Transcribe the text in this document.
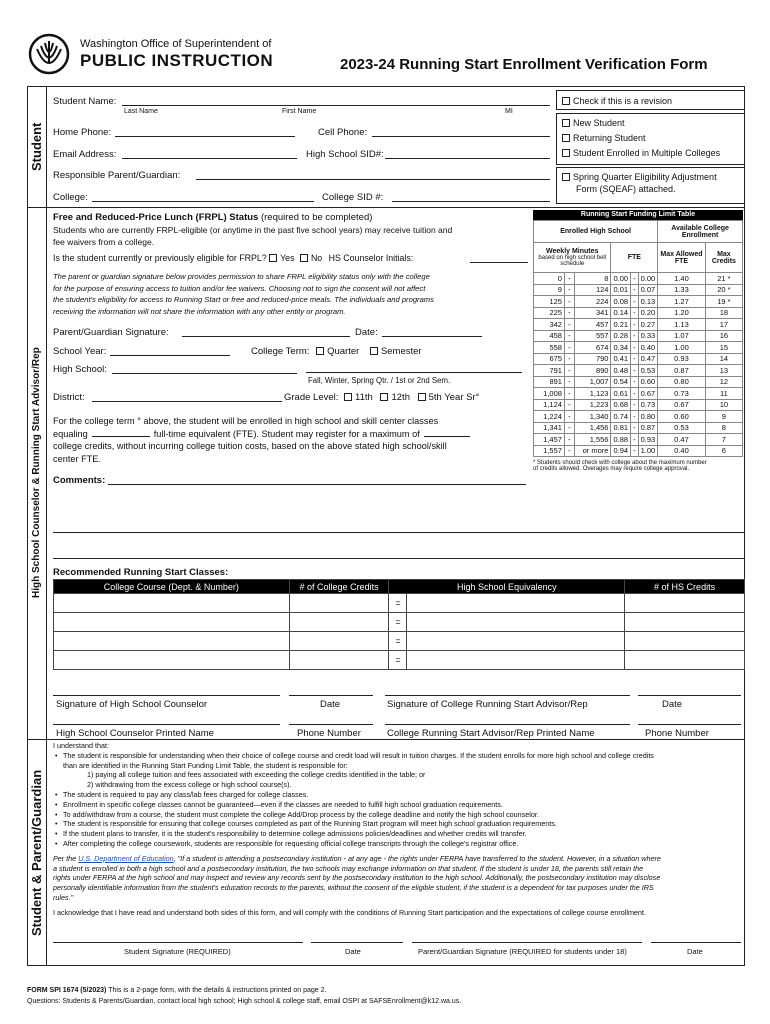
Washington Office of Superintendent of
PUBLIC INSTRUCTION	2023-24 Running Start Enrollment Verification Form
Student
High School Counselor & Running Start Advisor/Rep
Student & Parent/Guardian
Student Name:
Last Name	First Name	MI
Home Phone:	Cell Phone:
Email Address:	High School SID#:
Responsible Parent/Guardian:
College:	College SID #:
Check if this is a revision
New Student
Returning Student
Student Enrolled in Multiple Colleges
Spring Quarter Eligibility Adjustment
Form (SQEAF) attached.
Free and Reduced-Price Lunch (FRPL) Status (required to be completed)
Students who are currently FRPL-eligible (or anytime in the past five school years) may receive tuition and
fee waivers from a college.
Is the student currently or previously eligible for FRPL? Yes No HS Counselor Initials:
The parent or guardian signature below provides permission to share FRPL eligibility status only with the college
for the purpose of ensuring access to tuition and/or fee waivers. Choosing not to sign the consent will not affect
the student's eligibility for access to Running Start or free and reduced-price meals. The individuals and programs
receiving the information will not share the information with any other entity or program.
Parent/Guardian Signature:	Date:
School Year:	College Term: Quarter Semester
High School:
Fall, Winter, Spring Qtr. / 1st or 2nd Sem.
District:	Grade Level: 11th 12th 5th Year Sr°
For the college term ° above, the student will be enrolled in high school and skill center classes
equaling	full-time equivalent (FTE). Student may register for a maximum of
college credits, without incurring college tuition costs, based on the above stated high school/skill
center FTE.
Comments:
Running Start Funding Limit Table
Enrolled High School						Available College Enrollment	

Weekly Minutes
based on high school bell schedule			FTE			Max Allowed FTE	Max Credits
0	-	8	0.00	-	0.00	1.40	21 *
9	-	124	0.01	-	0.07	1.33	20 *
125	-	224	0.08	-	0.13	1.27	19 *
225	-	341	0.14	-	0.20	1.20	18
342	-	457	0.21	-	0.27	1.13	17
458	-	557	0.28	-	0.33	1.07	16
558	-	674	0.34	-	0.40	1.00	15
675	-	790	0.41	-	0.47	0.93	14
791	-	890	0.48	-	0.53	0.87	13
891	-	1,007	0.54	-	0.60	0.80	12
1,008	-	1,123	0.61	-	0.67	0.73	11
1,124	-	1,223	0.68	-	0.73	0.67	10
1,224	-	1,340	0.74	-	0.80	0.60	9
1,341	-	1,456	0.81	-	0.87	0.53	8
1,457	-	1,556	0.88	-	0.93	0.47	7
1,557	-	or more	0.94	-	1.00	0.40	6
* Students should check with college about the maximum number
of credits allowed. Overages may require college approval.
Recommended Running Start Classes:
College Course (Dept. & Number)	# of College Credits	High School Equivalency	# of HS Credits

		=	

		=	

		=	

		=	

Signature of High School Counselor	Date	Signature of College Running Start Advisor/Rep	Date
High School Counselor Printed Name	Phone Number	College Running Start Advisor/Rep Printed Name	Phone Number
I understand that:
• The student is responsible for understanding when their choice of college course and credit load will result in tuition charges. If the student enrolls for more high school and college credits
than are identified in the Running Start Funding Limit Table, the student is responsible for:
1) paying all college tuition and fees associated with exceeding the college credits identified in the table; or
2) withdrawing from the excess college or high school course(s).
• The student is required to pay any class/lab fees charged for college classes.
• Enrollment in specific college classes cannot be guaranteed—even if the classes are needed to fulfill high school graduation requirements.
• To add/withdraw from a course, the student must complete the college Add/Drop process by the college deadline and notify the high school counselor.
• The student is responsible for ensuring that college courses completed as part of the Running Start program will meet high school graduation requirements.
• If the student plans to transfer, it is the student's responsibility to determine college admissions policies/deadlines and whether credits will transfer.
• After completing the college coursework, students are responsible for requesting official college transcripts through the college's registrar office.
Per the U.S. Department of Education, "If a student is attending a postsecondary institution - at any age - the rights under FERPA have transferred to the student. However, in a situation where
a student is enrolled in both a high school and a postsecondary institution, the two schools may exchange information on that student. If the student is under 18, the parents still retain the
rights under FERPA at the high school and may inspect and review any records sent by the postsecondary institution to the high school. Additionally, the postsecondary institution may disclose
personally identifiable information from the student's education records to the parents, without the consent of the eligible student, if the student is a dependent for tax purposes under the IRS
rules."
I acknowledge that I have read and understand both sides of this form, and will comply with the conditions of Running Start participation and the expectations of college course enrollment.
Student Signature (REQUIRED)	Date	Parent/Guardian Signature (REQUIRED for students under 18)	Date
FORM SPI 1674 (5/2023) This is a 2-page form, with the details & instructions printed on page 2.
Questions: Students & Parents/Guardian, contact local high school; High school & college staff, email OSPI at SAFSEnrollment@k12.wa.us.
